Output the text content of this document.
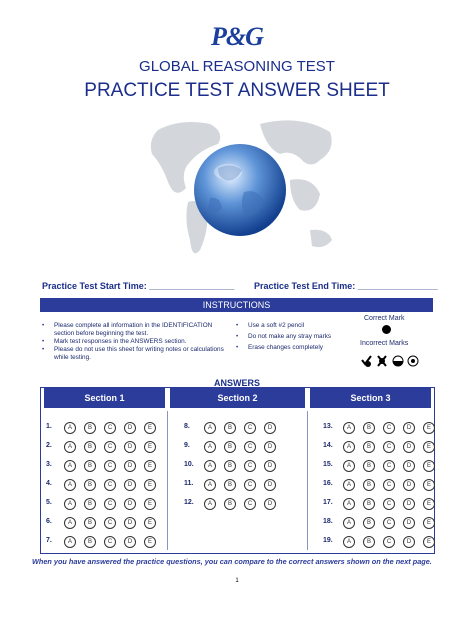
P&G
GLOBAL REASONING TEST
PRACTICE TEST ANSWER SHEET
Practice Test Start Time: _________________ Practice Test End Time: ________________
INSTRUCTIONS
• Please complete all information in the IDENTIFICATION section before beginning the test.
• Mark test responses in the ANSWERS section.
• Please do not use this sheet for writing notes or calculations while testing.
• Use a soft #2 pencil
• Do not make any stray marks
• Erase changes completely
Correct Mark
Incorrect Marks
ANSWERS
Section 1	Section 2	Section 3
1.	A	B	C	D	E
2.	A	B	C	D	E
3.	A	B	C	D	E
4.	A	B	C	D	E
5.	A	B	C	D	E
6.	A	B	C	D	E
7.	A	B	C	D	E
8.	A	B	C	D
9.	A	B	C	D
10.	A	B	C	D
11.	A	B	C	D
12.	A	B	C	D
13.	A	B	C	D	E
14.	A	B	C	D	E
15.	A	B	C	D	E
16.	A	B	C	D	E
17.	A	B	C	D	E
18.	A	B	C	D	E
19.	A	B	C	D	E
When you have answered the practice questions, you can compare to the correct answers shown on the next page.
1
